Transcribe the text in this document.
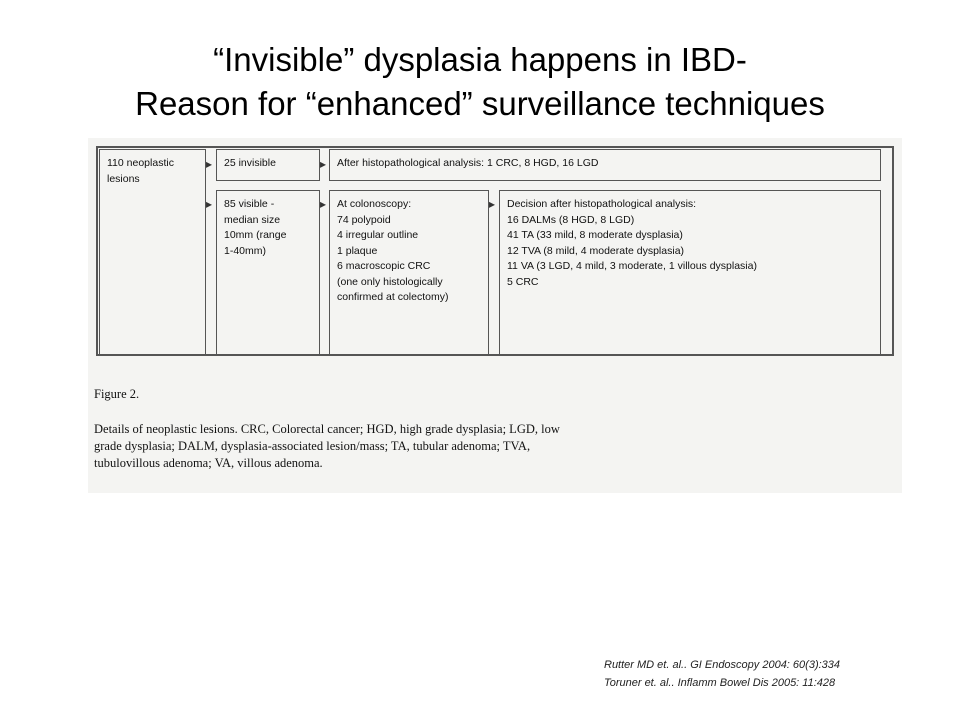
“Invisible” dysplasia happens in IBD-
Reason for “enhanced” surveillance techniques
110 neoplastic
lesions
25 invisible	After histopathological analysis: 1 CRC, 8 HGD, 16 LGD
85 visible -
median size
10mm (range
1-40mm)
At colonoscopy:
74 polypoid
4 irregular outline
1 plaque
6 macroscopic CRC
(one only histologically
confirmed at colectomy)
Decision after histopathological analysis:
16 DALMs (8 HGD, 8 LGD)
41 TA (33 mild, 8 moderate dysplasia)
12 TVA (8 mild, 4 moderate dysplasia)
11 VA (3 LGD, 4 mild, 3 moderate, 1 villous dysplasia)
5 CRC
▸	▸
▸	▸	▸
Figure 2.
Details of neoplastic lesions. CRC, Colorectal cancer; HGD, high grade dysplasia; LGD, low
grade dysplasia; DALM, dysplasia-associated lesion/mass; TA, tubular adenoma; TVA,
tubulovillous adenoma; VA, villous adenoma.
Rutter MD et. al.. GI Endoscopy 2004: 60(3):334
Toruner et. al.. Inflamm Bowel Dis 2005: 11:428
